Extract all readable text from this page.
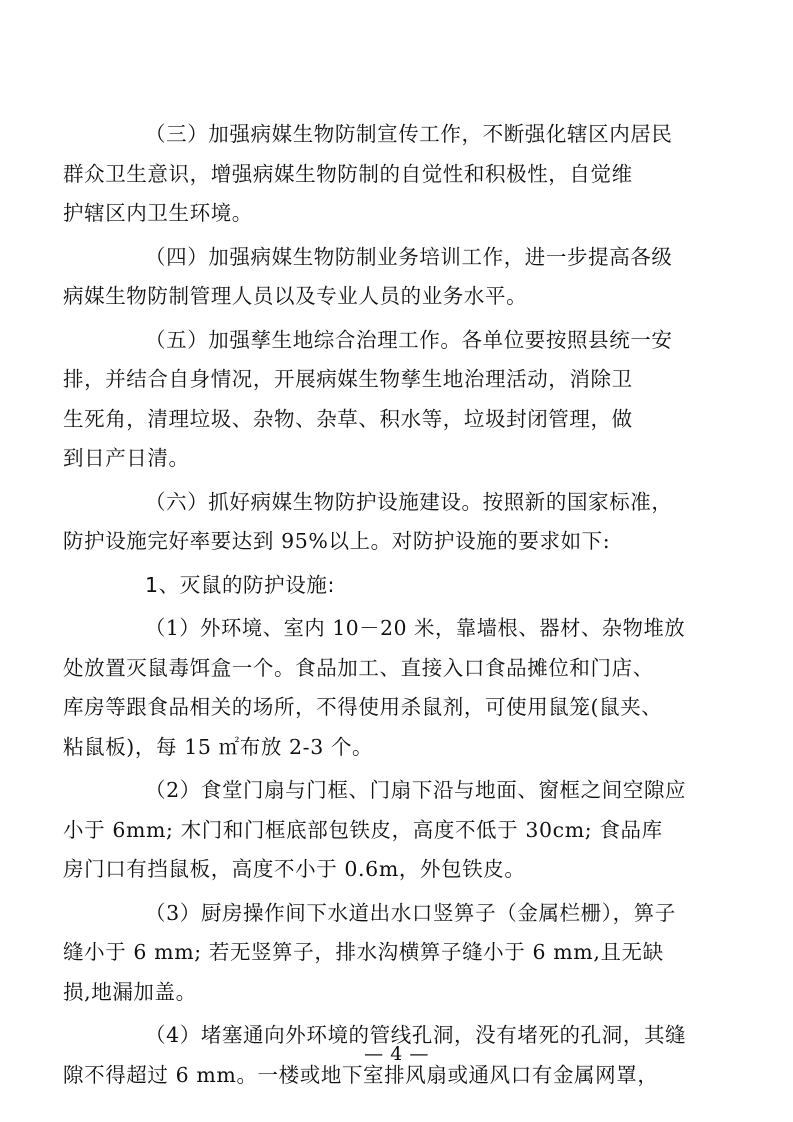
（三）加强病媒生物防制宣传工作，不断强化辖区内居民
群众卫生意识，增强病媒生物防制的自觉性和积极性，自觉维
护辖区内卫生环境。

（四）加强病媒生物防制业务培训工作，进一步提高各级
病媒生物防制管理人员以及专业人员的业务水平。

（五）加强孳生地综合治理工作。各单位要按照县统一安
排，并结合自身情况，开展病媒生物孳生地治理活动，消除卫
生死角，清理垃圾、杂物、杂草、积水等，垃圾封闭管理，做
到日产日清。

（六）抓好病媒生物防护设施建设。按照新的国家标准，
防护设施完好率要达到 95%以上。对防护设施的要求如下:

1、灭鼠的防护设施:

（1）外环境、室内 10－20 米，靠墙根、器材、杂物堆放
处放置灭鼠毒饵盒一个。食品加工、直接入口食品摊位和门店、
库房等跟食品相关的场所，不得使用杀鼠剂，可使用鼠笼(鼠夹、
粘鼠板)，每 15 ㎡布放 2-3 个。

（2）食堂门扇与门框、门扇下沿与地面、窗框之间空隙应
小于 6mm; 木门和门框底部包铁皮，高度不低于 30cm; 食品库
房门口有挡鼠板，高度不小于 0.6m，外包铁皮。

（3）厨房操作间下水道出水口竖箅子（金属栏栅），箅子
缝小于 6 mm; 若无竖箅子，排水沟横箅子缝小于 6 mm,且无缺
损,地漏加盖。

（4）堵塞通向外环境的管线孔洞，没有堵死的孔洞，其缝
隙不得超过 6 mm。一楼或地下室排风扇或通风口有金属网罩，

— 4 —
